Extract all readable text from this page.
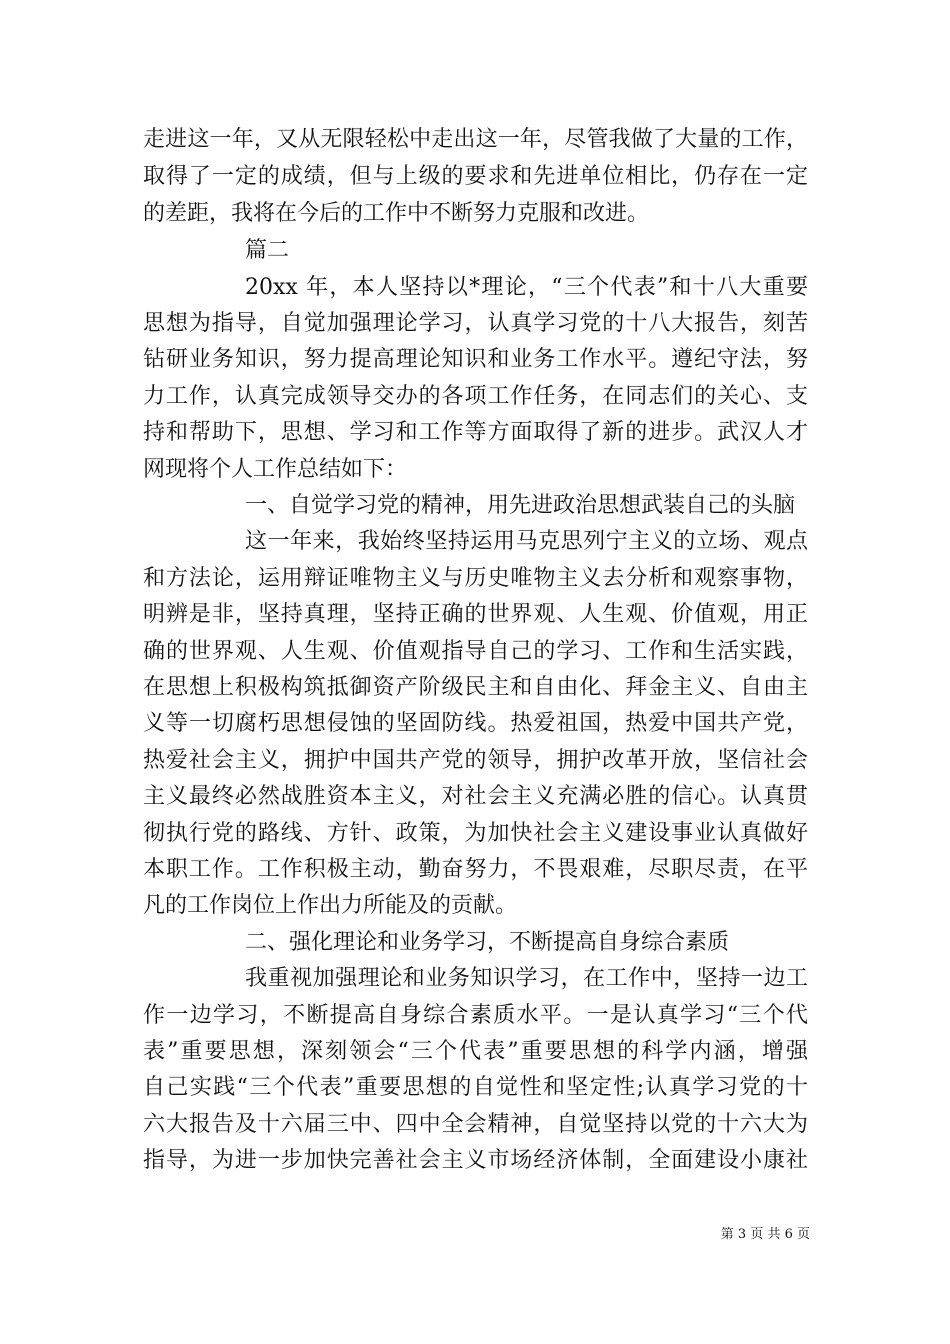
走进这一年，又从无限轻松中走出这一年，尽管我做了大量的工作，
取得了一定的成绩，但与上级的要求和先进单位相比，仍存在一定
的差距，我将在今后的工作中不断努力克服和改进。
篇二
20xx 年，本人坚持以*理论，“三个代表”和十八大重要
思想为指导，自觉加强理论学习，认真学习党的十八大报告，刻苦
钻研业务知识，努力提高理论知识和业务工作水平。遵纪守法，努
力工作，认真完成领导交办的各项工作任务，在同志们的关心、支
持和帮助下，思想、学习和工作等方面取得了新的进步。武汉人才
网现将个人工作总结如下：
一、自觉学习党的精神，用先进政治思想武装自己的头脑
这一年来，我始终坚持运用马克思列宁主义的立场、观点
和方法论，运用辩证唯物主义与历史唯物主义去分析和观察事物，
明辨是非，坚持真理，坚持正确的世界观、人生观、价值观，用正
确的世界观、人生观、价值观指导自己的学习、工作和生活实践，
在思想上积极构筑抵御资产阶级民主和自由化、拜金主义、自由主
义等一切腐朽思想侵蚀的坚固防线。热爱祖国，热爱中国共产党，
热爱社会主义，拥护中国共产党的领导，拥护改革开放，坚信社会
主义最终必然战胜资本主义，对社会主义充满必胜的信心。认真贯
彻执行党的路线、方针、政策，为加快社会主义建设事业认真做好
本职工作。工作积极主动，勤奋努力，不畏艰难，尽职尽责，在平
凡的工作岗位上作出力所能及的贡献。
二、强化理论和业务学习，不断提高自身综合素质
我重视加强理论和业务知识学习，在工作中，坚持一边工
作一边学习，不断提高自身综合素质水平。一是认真学习“三个代
表”重要思想，深刻领会“三个代表”重要思想的科学内涵，增强
自己实践“三个代表”重要思想的自觉性和坚定性;认真学习党的十
六大报告及十六届三中、四中全会精神，自觉坚持以党的十六大为
指导，为进一步加快完善社会主义市场经济体制，全面建设小康社
第 3 页 共 6 页
